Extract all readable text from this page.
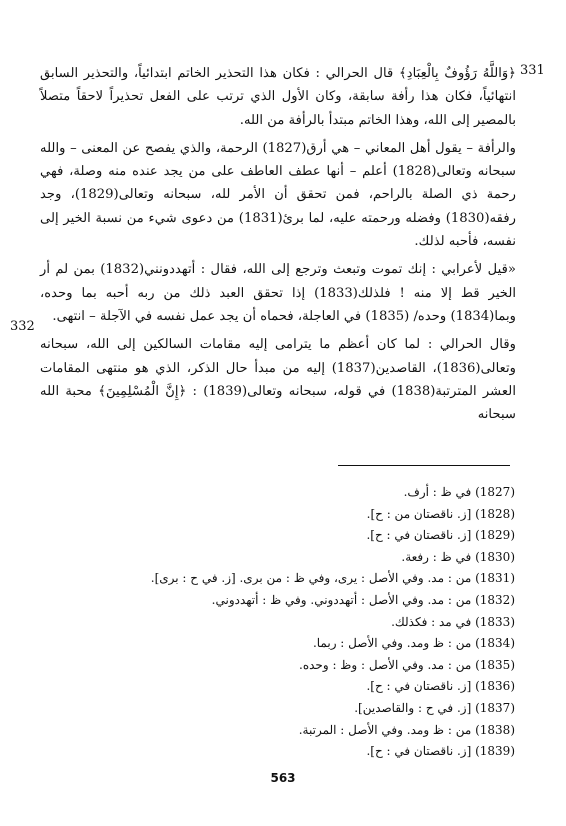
331
332

﴿وَاللَّهُ رَؤُوفٌ بِالْعِبَادِ﴾ قال الحرالي : فكان هذا التحذير الخاتم ابتدائياً، والتحذير السابق انتهائياً، فكان هذا رأفة سابقة، وكان الأول الذي ترتب على الفعل تحذيراً لاحقاً متصلاً بالمصير إلى الله، وهذا الخاتم مبتدأ بالرأفة من الله.

والرأفة – يقول أهل المعاني – هي أرق(1827) الرحمة، والذي يفصح عن المعنى – والله سبحانه وتعالى(1828) أعلم – أنها عطف العاطف على من يجد عنده منه وصلة، فهي رحمة ذي الصلة بالراحم، فمن تحقق أن الأمر لله، سبحانه وتعالى(1829)، وجد رفقه(1830) وفضله ورحمته عليه، لما برئ(1831) من دعوى شيء من نسبة الخير إلى نفسه، فأحبه لذلك.

«قيل لأعرابي : إنك تموت وتبعث وترجع إلى الله، فقال : أتهددونني(1832) بمن لم أر الخير قط إلا منه ! فلذلك(1833) إذا تحقق العبد ذلك من ربه أحبه بما وحده، وبما(1834) وحده/ (1835) في العاجلة، فحماه أن يجد عمل نفسه في الآجلة – انتهى.

وقال الحرالي : لما كان أعظم ما يترامى إليه مقامات السالكين إلى الله، سبحانه وتعالى(1836)، القاصدين(1837) إليه من مبدأ حال الذكر، الذي هو منتهى المقامات العشر المترتبة(1838) في قوله، سبحانه وتعالى(1839) : ﴿إِنَّ الْمُسْلِمِينَ﴾ محبة الله سبحانه

(1827) في ظ : أرف.
(1828) [ز. ناقصتان من : ح].
(1829) [ز. ناقصتان في : ح].
(1830) في ظ : رفعة.
(1831) من : مد. وفي الأصل : يرى، وفي ظ : من برى. [ز. في ح : برى].
(1832) من : مد. وفي الأصل : أتهددوني. وفي ظ : أتهددوني.
(1833) في مد : فكذلك.
(1834) من : ظ ومد. وفي الأصل : ربما.
(1835) من : مد. وفي الأصل : وظ : وحده.
(1836) [ز. ناقصتان في : ح].
(1837) [ز. في ح : والقاصدين].
(1838) من : ظ ومد. وفي الأصل : المرتبة.
(1839) [ز. ناقصتان في : ح].
563
